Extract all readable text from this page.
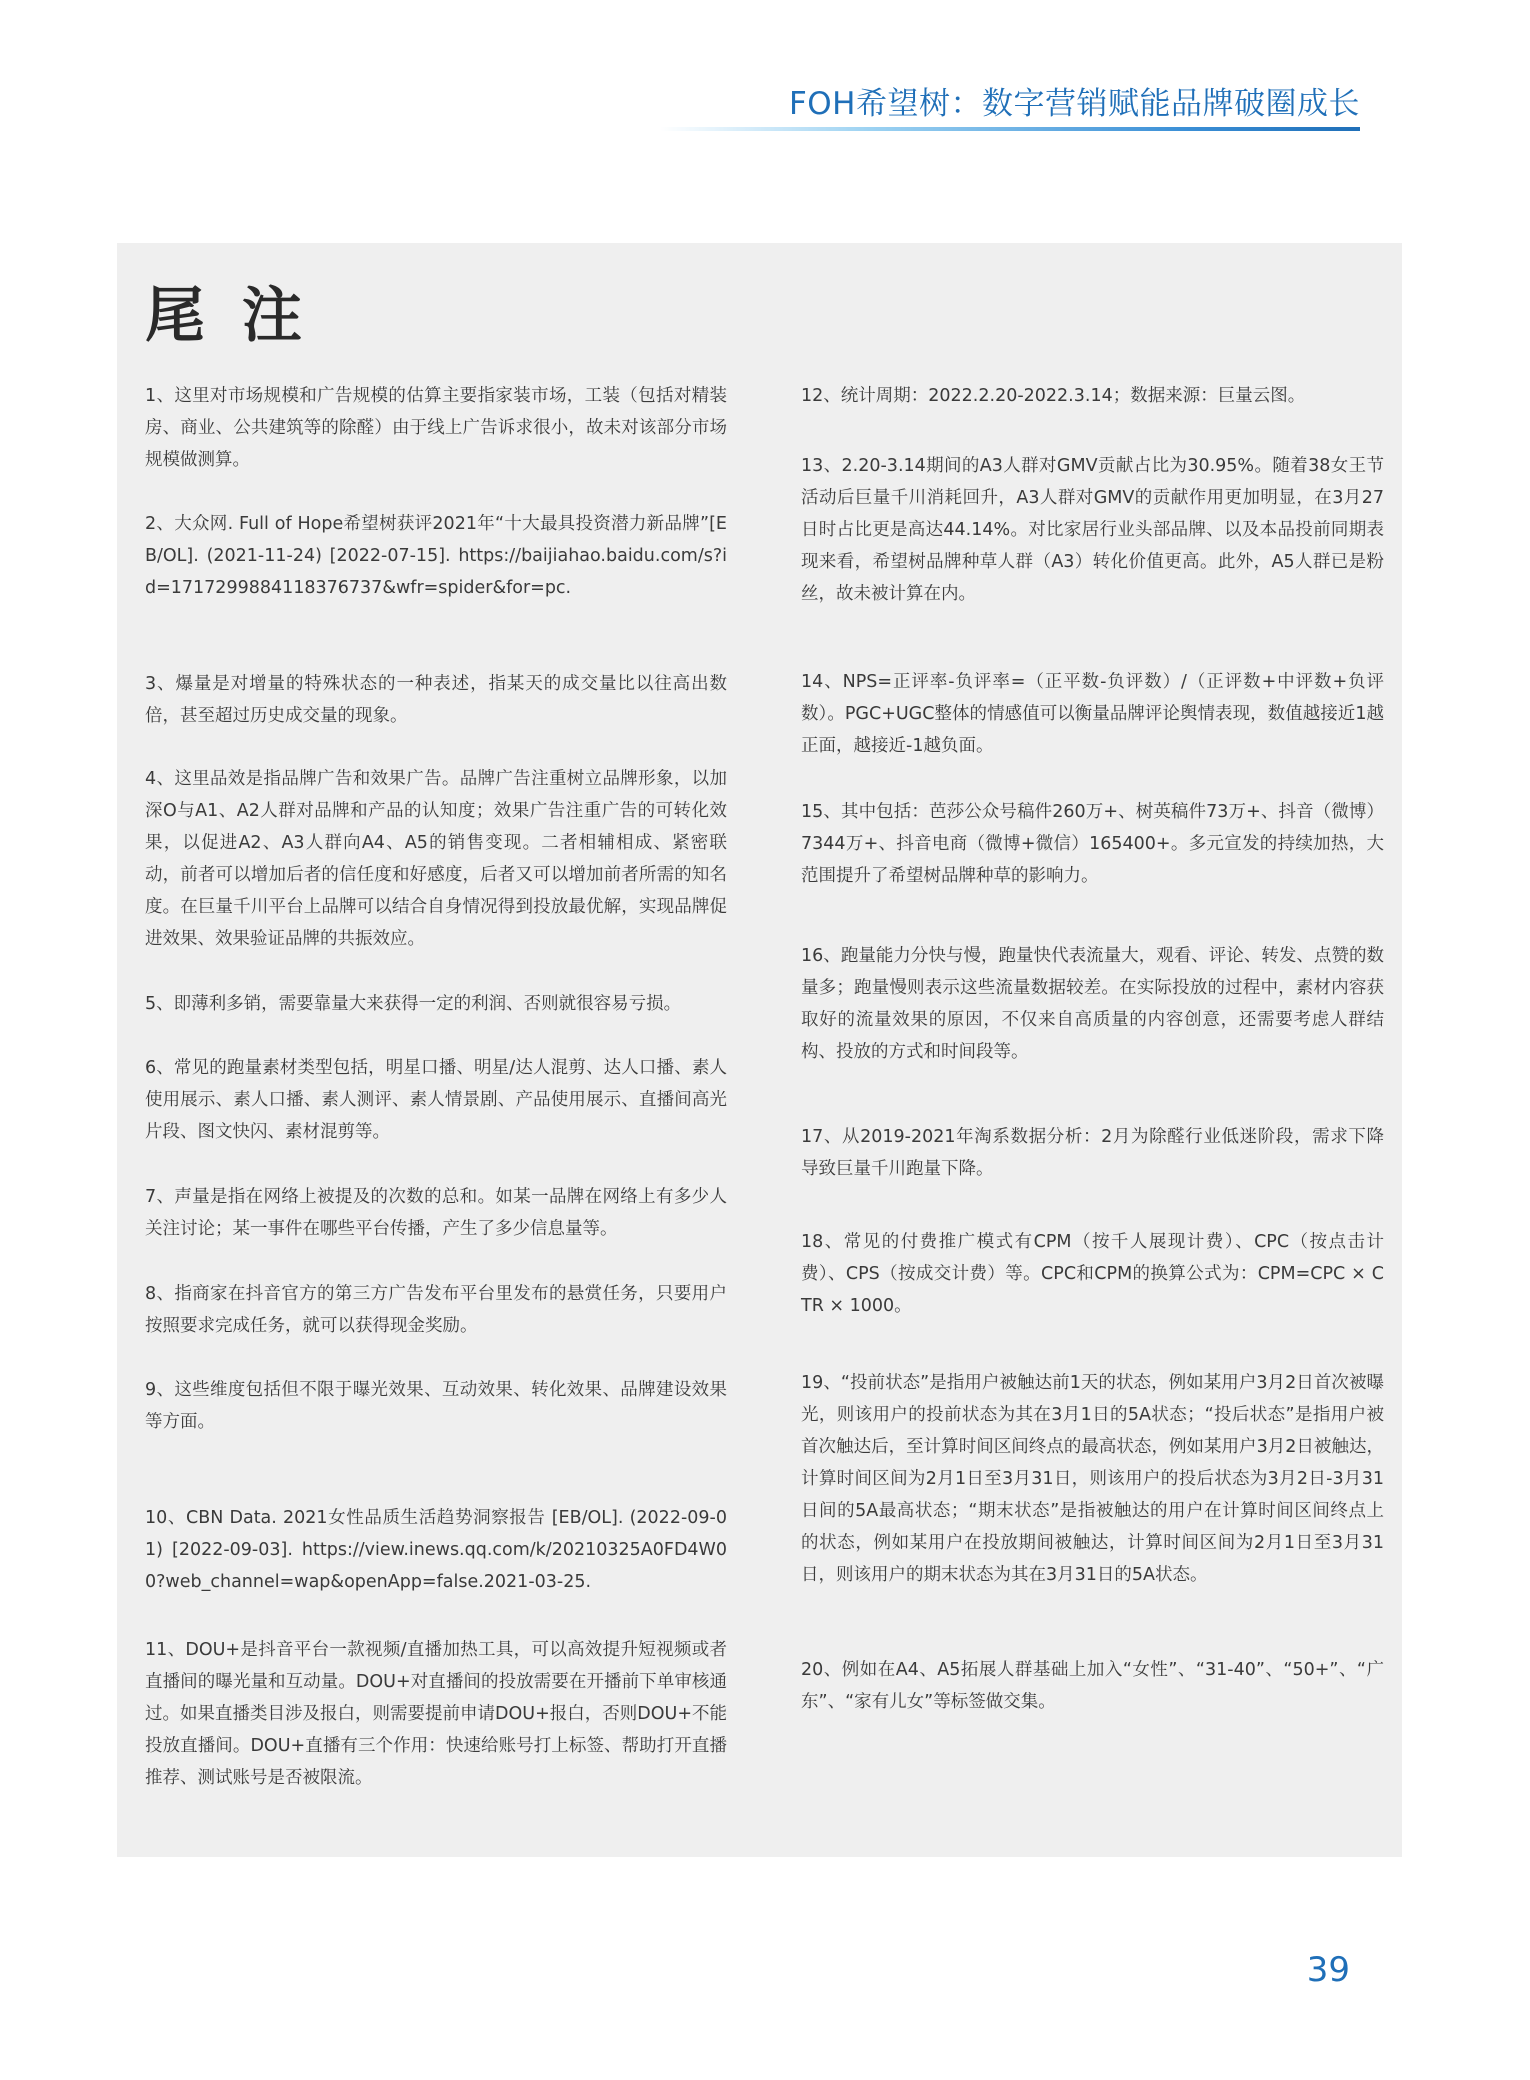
FOH希望树：数字营销赋能品牌破圈成长
尾 注

1、这里对市场规模和广告规模的估算主要指家装市场，工装（包括对精装房、商业、公共建筑等的除醛）由于线上广告诉求很小，故未对该部分市场规模做测算。

2、大众网. Full of Hope希望树获评2021年“十大最具投资潜力新品牌”[EB/OL]. (2021-11-24) [2022-07-15]. https://baijiahao.baidu.com/s?id=1717299884118376737&wfr=spider&for=pc.

3、爆量是对增量的特殊状态的一种表述，指某天的成交量比以往高出数倍，甚至超过历史成交量的现象。

4、这里品效是指品牌广告和效果广告。品牌广告注重树立品牌形象，以加深O与A1、A2人群对品牌和产品的认知度；效果广告注重广告的可转化效果，以促进A2、A3人群向A4、A5的销售变现。二者相辅相成、紧密联动，前者可以增加后者的信任度和好感度，后者又可以增加前者所需的知名度。在巨量千川平台上品牌可以结合自身情况得到投放最优解，实现品牌促进效果、效果验证品牌的共振效应。

5、即薄利多销，需要靠量大来获得一定的利润、否则就很容易亏损。

6、常见的跑量素材类型包括，明星口播、明星/达人混剪、达人口播、素人使用展示、素人口播、素人测评、素人情景剧、产品使用展示、直播间高光片段、图文快闪、素材混剪等。

7、声量是指在网络上被提及的次数的总和。如某一品牌在网络上有多少人关注讨论；某一事件在哪些平台传播，产生了多少信息量等。

8、指商家在抖音官方的第三方广告发布平台里发布的悬赏任务，只要用户按照要求完成任务，就可以获得现金奖励。

9、这些维度包括但不限于曝光效果、互动效果、转化效果、品牌建设效果等方面。

10、CBN Data. 2021女性品质生活趋势洞察报告 [EB/OL]. (2022-09-01) [2022-09-03]. https://view.inews.qq.com/k/20210325A0FD4W00?web_channel=wap&openApp=false.2021-03-25.

11、DOU+是抖音平台一款视频/直播加热工具，可以高效提升短视频或者直播间的曝光量和互动量。DOU+对直播间的投放需要在开播前下单审核通过。如果直播类目涉及报白，则需要提前申请DOU+报白，否则DOU+不能投放直播间。DOU+直播有三个作用：快速给账号打上标签、帮助打开直播推荐、测试账号是否被限流。

12、统计周期：2022.2.20-2022.3.14；数据来源：巨量云图。

13、2.20-3.14期间的A3人群对GMV贡献占比为30.95%。随着38女王节活动后巨量千川消耗回升，A3人群对GMV的贡献作用更加明显，在3月27日时占比更是高达44.14%。对比家居行业头部品牌、以及本品投前同期表现来看，希望树品牌种草人群（A3）转化价值更高。此外，A5人群已是粉丝，故未被计算在内。

14、NPS=正评率-负评率=（正平数-负评数）/（正评数+中评数+负评数）。PGC+UGC整体的情感值可以衡量品牌评论舆情表现，数值越接近1越正面，越接近-1越负面。

15、其中包括：芭莎公众号稿件260万+、树英稿件73万+、抖音（微博）7344万+、抖音电商（微博+微信）165400+。多元宣发的持续加热，大范围提升了希望树品牌种草的影响力。

16、跑量能力分快与慢，跑量快代表流量大，观看、评论、转发、点赞的数量多；跑量慢则表示这些流量数据较差。在实际投放的过程中，素材内容获取好的流量效果的原因，不仅来自高质量的内容创意，还需要考虑人群结构、投放的方式和时间段等。

17、从2019-2021年淘系数据分析：2月为除醛行业低迷阶段，需求下降导致巨量千川跑量下降。

18、常见的付费推广模式有CPM（按千人展现计费）、CPC（按点击计费）、CPS（按成交计费）等。CPC和CPM的换算公式为：CPM=CPC × CTR × 1000。

19、“投前状态”是指用户被触达前1天的状态，例如某用户3月2日首次被曝光，则该用户的投前状态为其在3月1日的5A状态；“投后状态”是指用户被首次触达后，至计算时间区间终点的最高状态，例如某用户3月2日被触达，计算时间区间为2月1日至3月31日，则该用户的投后状态为3月2日-3月31日间的5A最高状态；“期末状态”是指被触达的用户在计算时间区间终点上的状态，例如某用户在投放期间被触达，计算时间区间为2月1日至3月31日，则该用户的期末状态为其在3月31日的5A状态。

20、例如在A4、A5拓展人群基础上加入“女性”、“31-40”、“50+”、“广东”、“家有儿女”等标签做交集。

39
